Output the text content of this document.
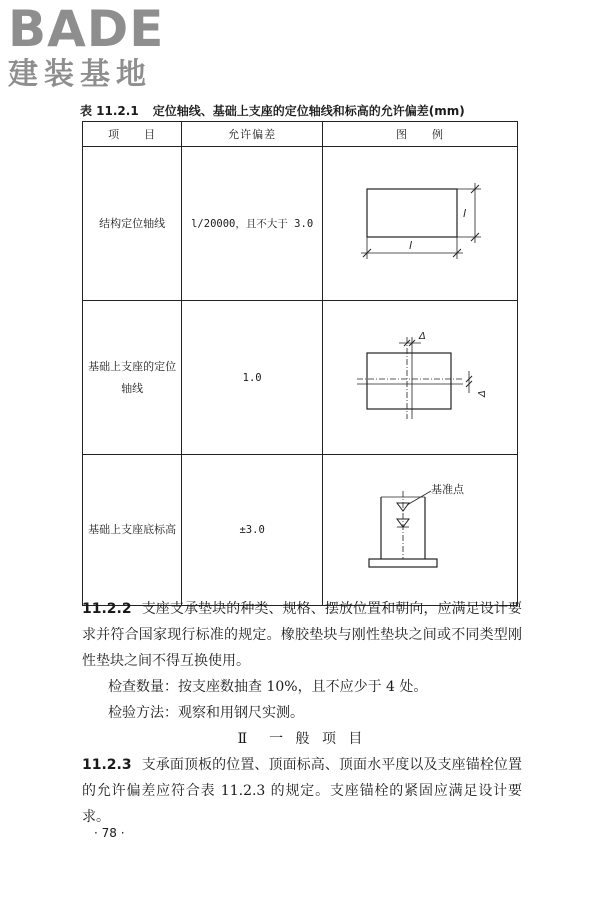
BADE
建装基地
表 11.2.1 定位轴线、基础上支座的定位轴线和标高的允许偏差(mm)
项　　目	允许偏差	图　　例
结构定位轴线	l/20000，且不大于 3.0	l
l

基础上支座的定位轴线	1.0	Δ
Δ

基础上支座底标高	±3.0	基准点

11.2.2 支座支承垫块的种类、规格、摆放位置和朝向，应满足设计要求并符合国家现行标准的规定。橡胶垫块与刚性垫块之间或不同类型刚性垫块之间不得互换使用。

检查数量：按支座数抽查 10%，且不应少于 4 处。

检验方法：观察和用钢尺实测。

Ⅱ　一 般 项 目

11.2.3 支承面顶板的位置、顶面标高、顶面水平度以及支座锚栓位置的允许偏差应符合表 11.2.3 的规定。支座锚栓的紧固应满足设计要求。

· 78 ·
